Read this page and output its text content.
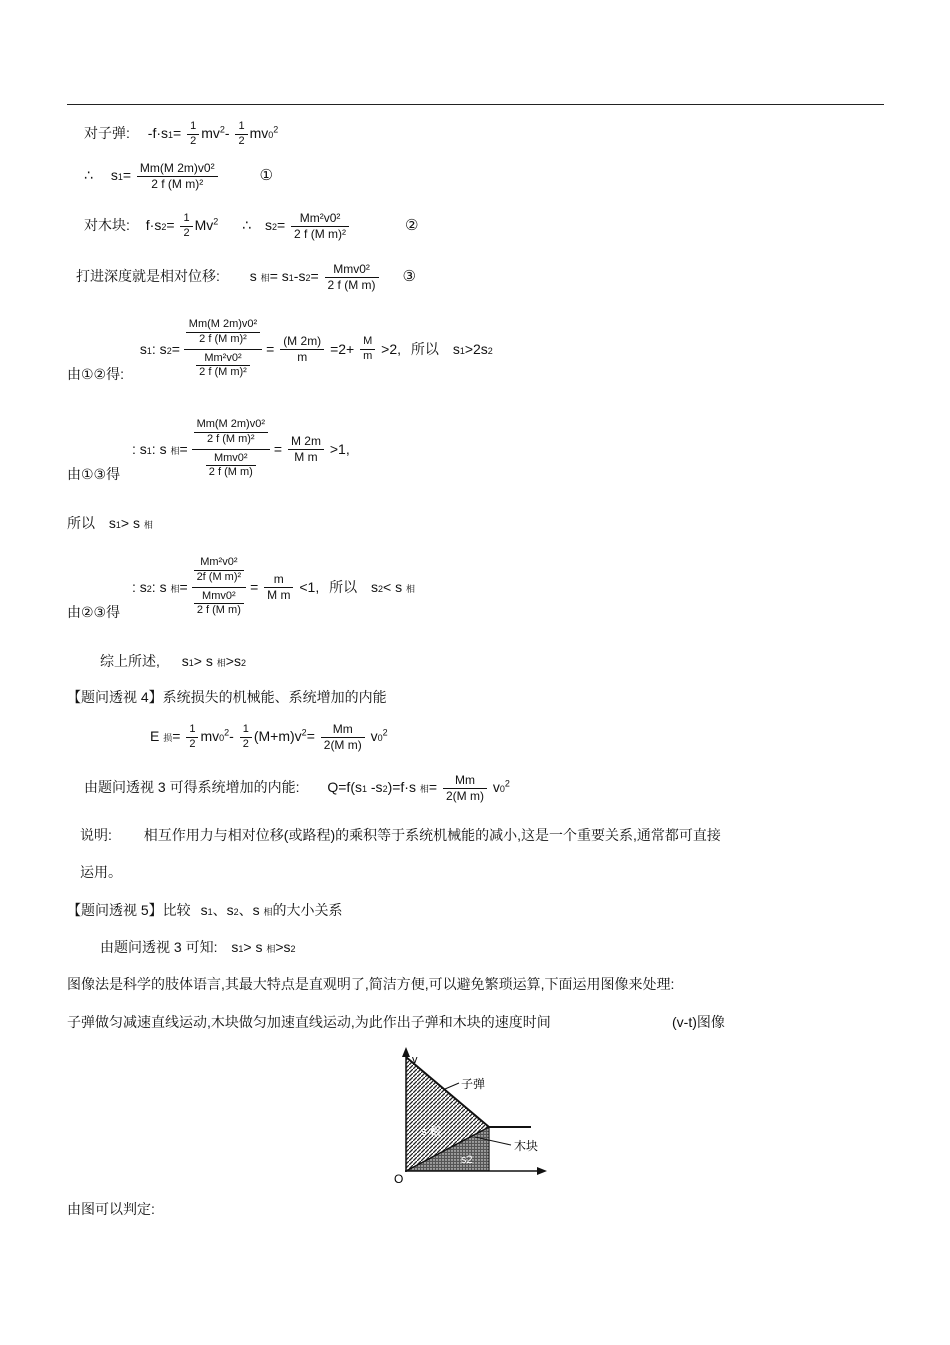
对子弹: $-f\cdot s1= \frac{1}{2} mv^2- \frac{1}{2} mv0^2$
∴ $s1= \frac{\text{Mm(M 2m)v0²}}{\text{2 f (M m)²}}$	①
对木块: $f\cdot s2= \frac{1}{2} Mv^2$ ∴ $s2= \frac{\text{Mm²v0²}}{\text{2 f (M m)²}}$	②
打进深度就是相对位移: s 相= $s1-s2= \frac{\text{Mmv0²}}{\text{2 f (M m)}}$ ③
由①②得: s1: $s2= \frac{\frac{\text{Mm(M 2m)v0²}}{\text{2 f (M m)²}}}{\frac{\text{Mm²v0²}}{\text{2 f (M m)²}}} = \frac{(M 2m)}{m} =2+ \frac{M}{m} >2$, 所以 s1>2s2
由①③得 : s1: s 相=
$\frac{\text{Mm(M 2m)v0²}}{\text{2 f (M m)²}}$
$\frac{\text{Mmv0²}}{\text{2 f (M m)}}$
= $\frac{M 2m}{\text{M m}} >1$,
所以 s1> s 相
由②③得 : s2: s 相=
$\frac{\text{Mm²v0²}}{\text{2f (M m)²}}$
$\frac{\text{Mmv0²}}{\text{2 f (M m)}}$
= $\frac{m}{\text{M m}} <1$, 所以 s2< s 相
综上所述, s1> s 相>s2
【题问透视 4】系统损失的机械能、系统增加的内能
E 损= $\frac{1}{2} mv0^2- \frac{1}{2} (M+m)v^2= \frac{Mm}{\text{2(M m)}} v0^2$
由题问透视 3 可得系统增加的内能: Q=f(s1 -s2)=f·s 相= $\frac{Mm}{\text{2(M m)}} v0^2$
说明: 相互作用力与相对位移(或路程)的乘积等于系统机械能的减小,这是一个重要关系,通常都可直接
运用。
【题问透视 5】比较 s1、s2、s 相的大小关系
由题问透视 3 可知: s1> s 相>s2
图像法是科学的肢体语言,其最大特点是直观明了,简洁方便,可以避免繁琐运算,下面运用图像来处理:
子弹做匀减速直线运动,木块做匀加速直线运动,为此作出子弹和木块的速度时间	(v-t)图像
v
O
子弹
木块
s 相
s2
由图可以判定:
